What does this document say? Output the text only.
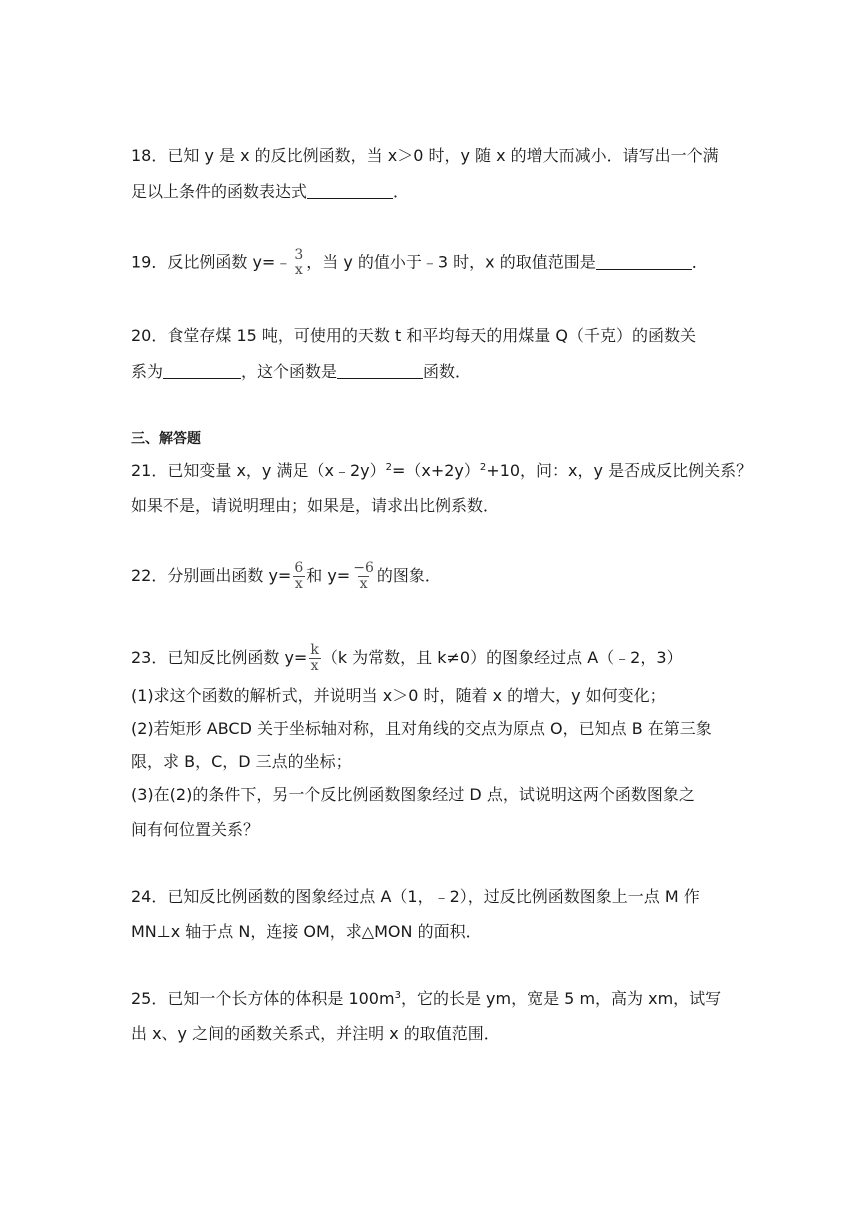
18．已知 y 是 x 的反比例函数，当 x＞0 时，y 随 x 的增大而减小．请写出一个满
足以上条件的函数表达式	．
19．反比例函数 y=﹣ 3
x ，当 y 的值小于﹣3 时，x 的取值范围是	．
20．食堂存煤 15 吨，可使用的天数 t 和平均每天的用煤量 Q（千克）的函数关
系为	，这个函数是	函数．
三、解答题
21．已知变量 x，y 满足$(x﹣2y)^2=(x+2y)^2+10$，问：x，y 是否成反比例关系？
如果不是，请说明理由；如果是，请求出比例系数．
22．分别画出函数 $y= \frac{6}{x}$ 和 $y= \frac{-6}{x}$ 的图象．
23．已知反比例函数 $y= \frac{k}{x} (k$ 为常数，且 k≠0）的图象经过点 A（﹣2，3）
(1)求这个函数的解析式，并说明当 x＞0 时，随着 x 的增大，y 如何变化；
(2)若矩形 ABCD 关于坐标轴对称，且对角线的交点为原点 O，已知点 B 在第三象
限，求 B，C，D 三点的坐标；
(3)在(2)的条件下，另一个反比例函数图象经过 D 点，试说明这两个函数图象之
间有何位置关系？
24．已知反比例函数的图象经过点 A（1，﹣2），过反比例函数图象上一点 M 作
MN⊥x 轴于点 N，连接 OM，求△MON 的面积．
25．已知一个长方体的体积是 $100m^3$，它的长是 ym，宽是 5 m，高为 xm，试写
出 x、y 之间的函数关系式，并注明 x 的取值范围．
